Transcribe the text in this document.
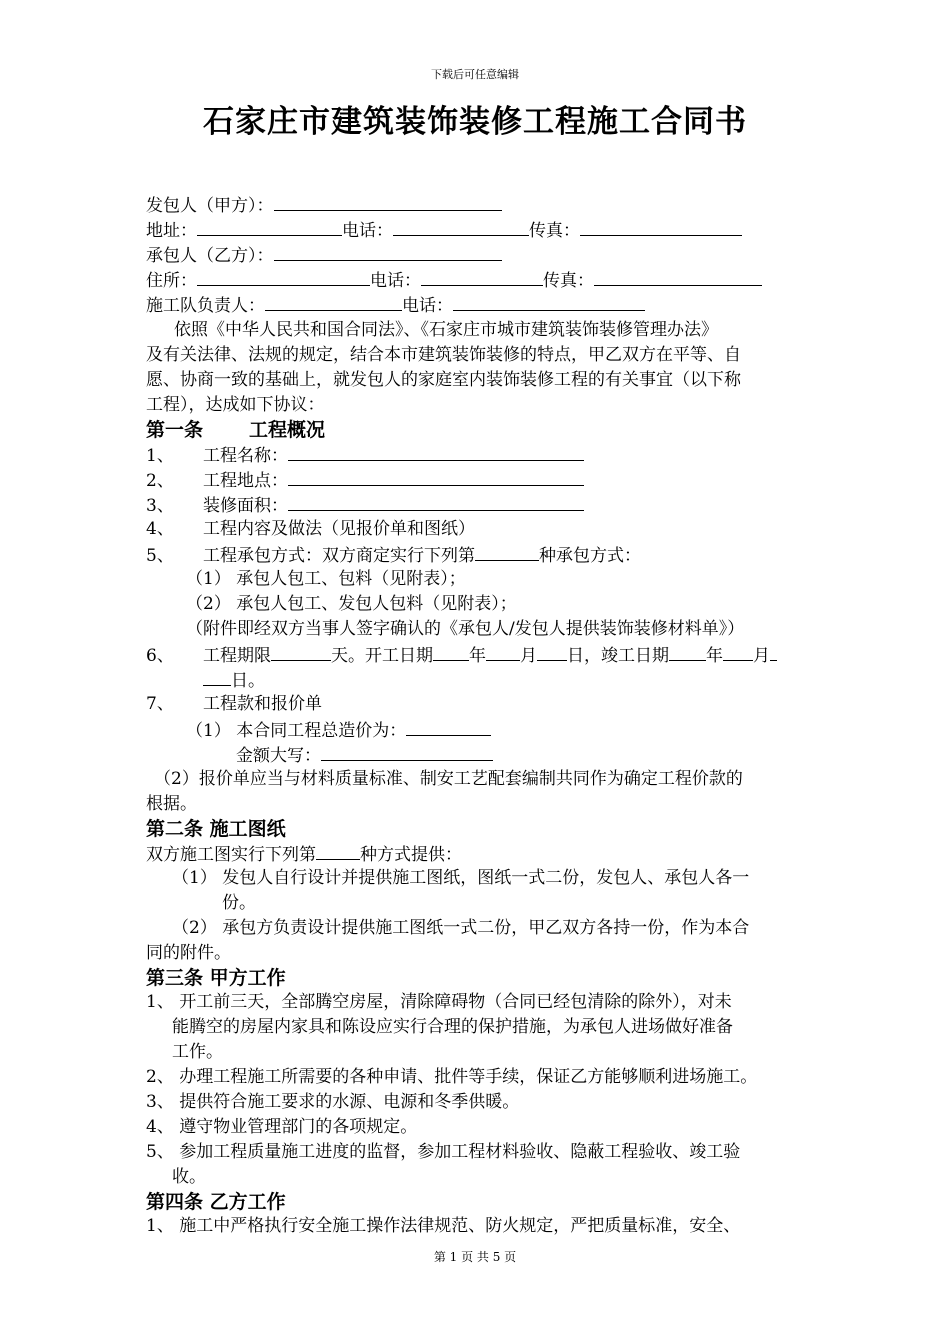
下载后可任意编辑
石家庄市建筑装饰装修工程施工合同书
发包人（甲方）：
地址：	电话：	传真：
承包人（乙方）：
住所：	电话：	传真：
施工队负责人：	电话：
依照《中华人民共和国合同法》、《石家庄市城市建筑装饰装修管理办法》
及有关法律、法规的规定，结合本市建筑装饰装修的特点，甲乙双方在平等、自
愿、协商一致的基础上，就发包人的家庭室内装饰装修工程的有关事宜（以下称
工程），达成如下协议：
第一条 工程概况
1、 工程名称：
2、 工程地点：
3、 装修面积：
4、 工程内容及做法（见报价单和图纸）
5、 工程承包方式：双方商定实行下列第	种承包方式：
（1） 承包人包工、包料（见附表）；
（2） 承包人包工、发包人包料（见附表）；
（附件即经双方当事人签字确认的《承包人/发包人提供装饰装修材料单》）
6、 工程期限	天。开工日期 年 月 日，竣工日期 年 月
日。
7、 工程款和报价单
（1） 本合同工程总造价为：
金额大写：
（2）报价单应当与材料质量标准、制安工艺配套编制共同作为确定工程价款的
根据。
第二条 施工图纸
双方施工图实行下列第	种方式提供：
（1） 发包人自行设计并提供施工图纸，图纸一式二份，发包人、承包人各一
份。
（2） 承包方负责设计提供施工图纸一式二份，甲乙双方各持一份，作为本合
同的附件。
第三条 甲方工作
1、 开工前三天，全部腾空房屋，清除障碍物（合同已经包清除的除外），对未
能腾空的房屋内家具和陈设应实行合理的保护措施，为承包人进场做好准备
工作。
2、 办理工程施工所需要的各种申请、批件等手续，保证乙方能够顺利进场施工。
3、 提供符合施工要求的水源、电源和冬季供暖。
4、 遵守物业管理部门的各项规定。
5、 参加工程质量施工进度的监督，参加工程材料验收、隐蔽工程验收、竣工验
收。
第四条 乙方工作
1、 施工中严格执行安全施工操作法律规范、防火规定，严把质量标准，安全、
第 1 页 共 5 页
